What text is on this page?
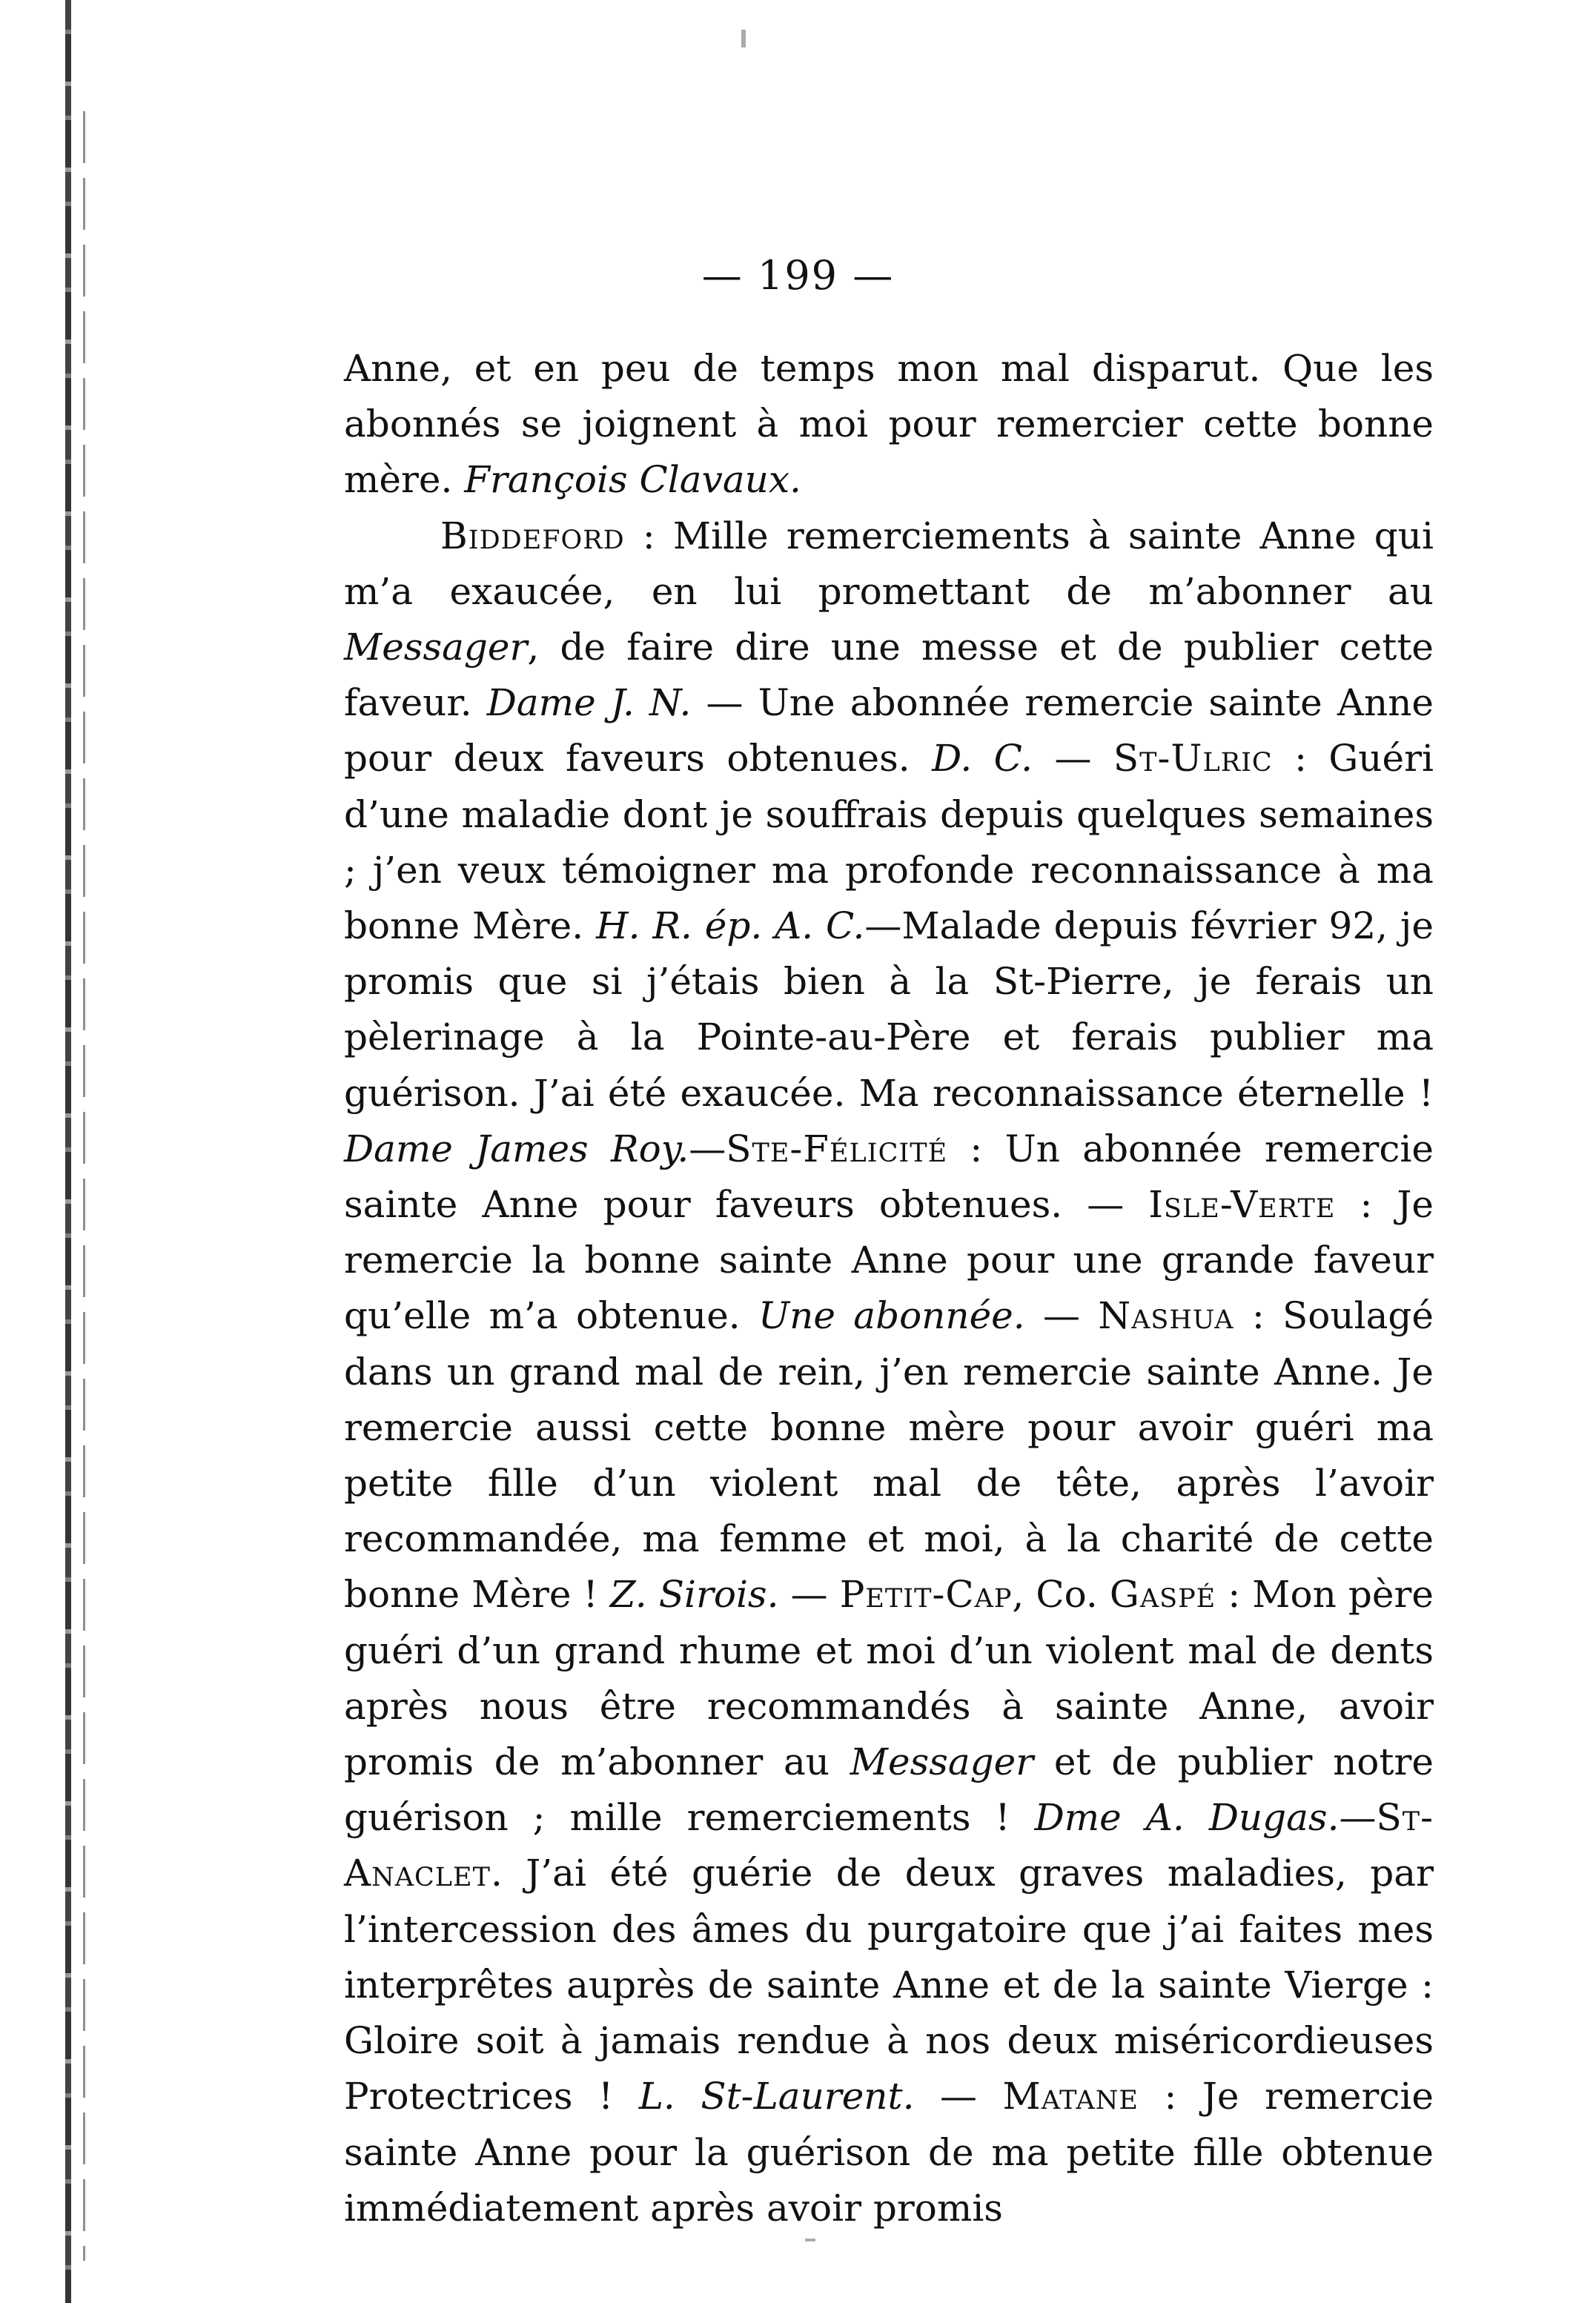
— 199 —

Anne, et en peu de temps mon mal disparut. Que les abonnés se joignent à moi pour remercier cette bonne mère. François Clavaux.

Biddeford : Mille remerciements à sainte Anne qui m’a exaucée, en lui promettant de m’abonner au Messager, de faire dire une messe et de publier cette faveur. Dame J. N. — Une abonnée remercie sainte Anne pour deux faveurs obtenues. D. C. — St-Ulric : Guéri d’une maladie dont je souffrais depuis quelques semaines ; j’en veux témoigner ma profonde reconnaissance à ma bonne Mère. H. R. ép. A. C.—Malade depuis février 92, je promis que si j’étais bien à la St-Pierre, je ferais un pèlerinage à la Pointe-au-Père et ferais publier ma guérison. J’ai été exaucée. Ma reconnaissance éternelle ! Dame James Roy.—Ste-Félicité : Un abonnée remercie sainte Anne pour faveurs obtenues. — Isle-Verte : Je remercie la bonne sainte Anne pour une grande faveur qu’elle m’a obtenue. Une abonnée. — Nashua : Soulagé dans un grand mal de rein, j’en remercie sainte Anne. Je remercie aussi cette bonne mère pour avoir guéri ma petite fille d’un violent mal de tête, après l’avoir recommandée, ma femme et moi, à la charité de cette bonne Mère ! Z. Sirois. — Petit-Cap, Co. Gaspé : Mon père guéri d’un grand rhume et moi d’un violent mal de dents après nous être recommandés à sainte Anne, avoir promis de m’abonner au Messager et de publier notre guérison ; mille remerciements ! Dme A. Dugas.—St-Anaclet. J’ai été guérie de deux graves maladies, par l’intercession des âmes du purgatoire que j’ai faites mes interprêtes auprès de sainte Anne et de la sainte Vierge : Gloire soit à jamais rendue à nos deux miséricordieuses Protectrices ! L. St-Laurent. — Matane : Je remercie sainte Anne pour la guérison de ma petite fille obtenue immédiatement après avoir promis
